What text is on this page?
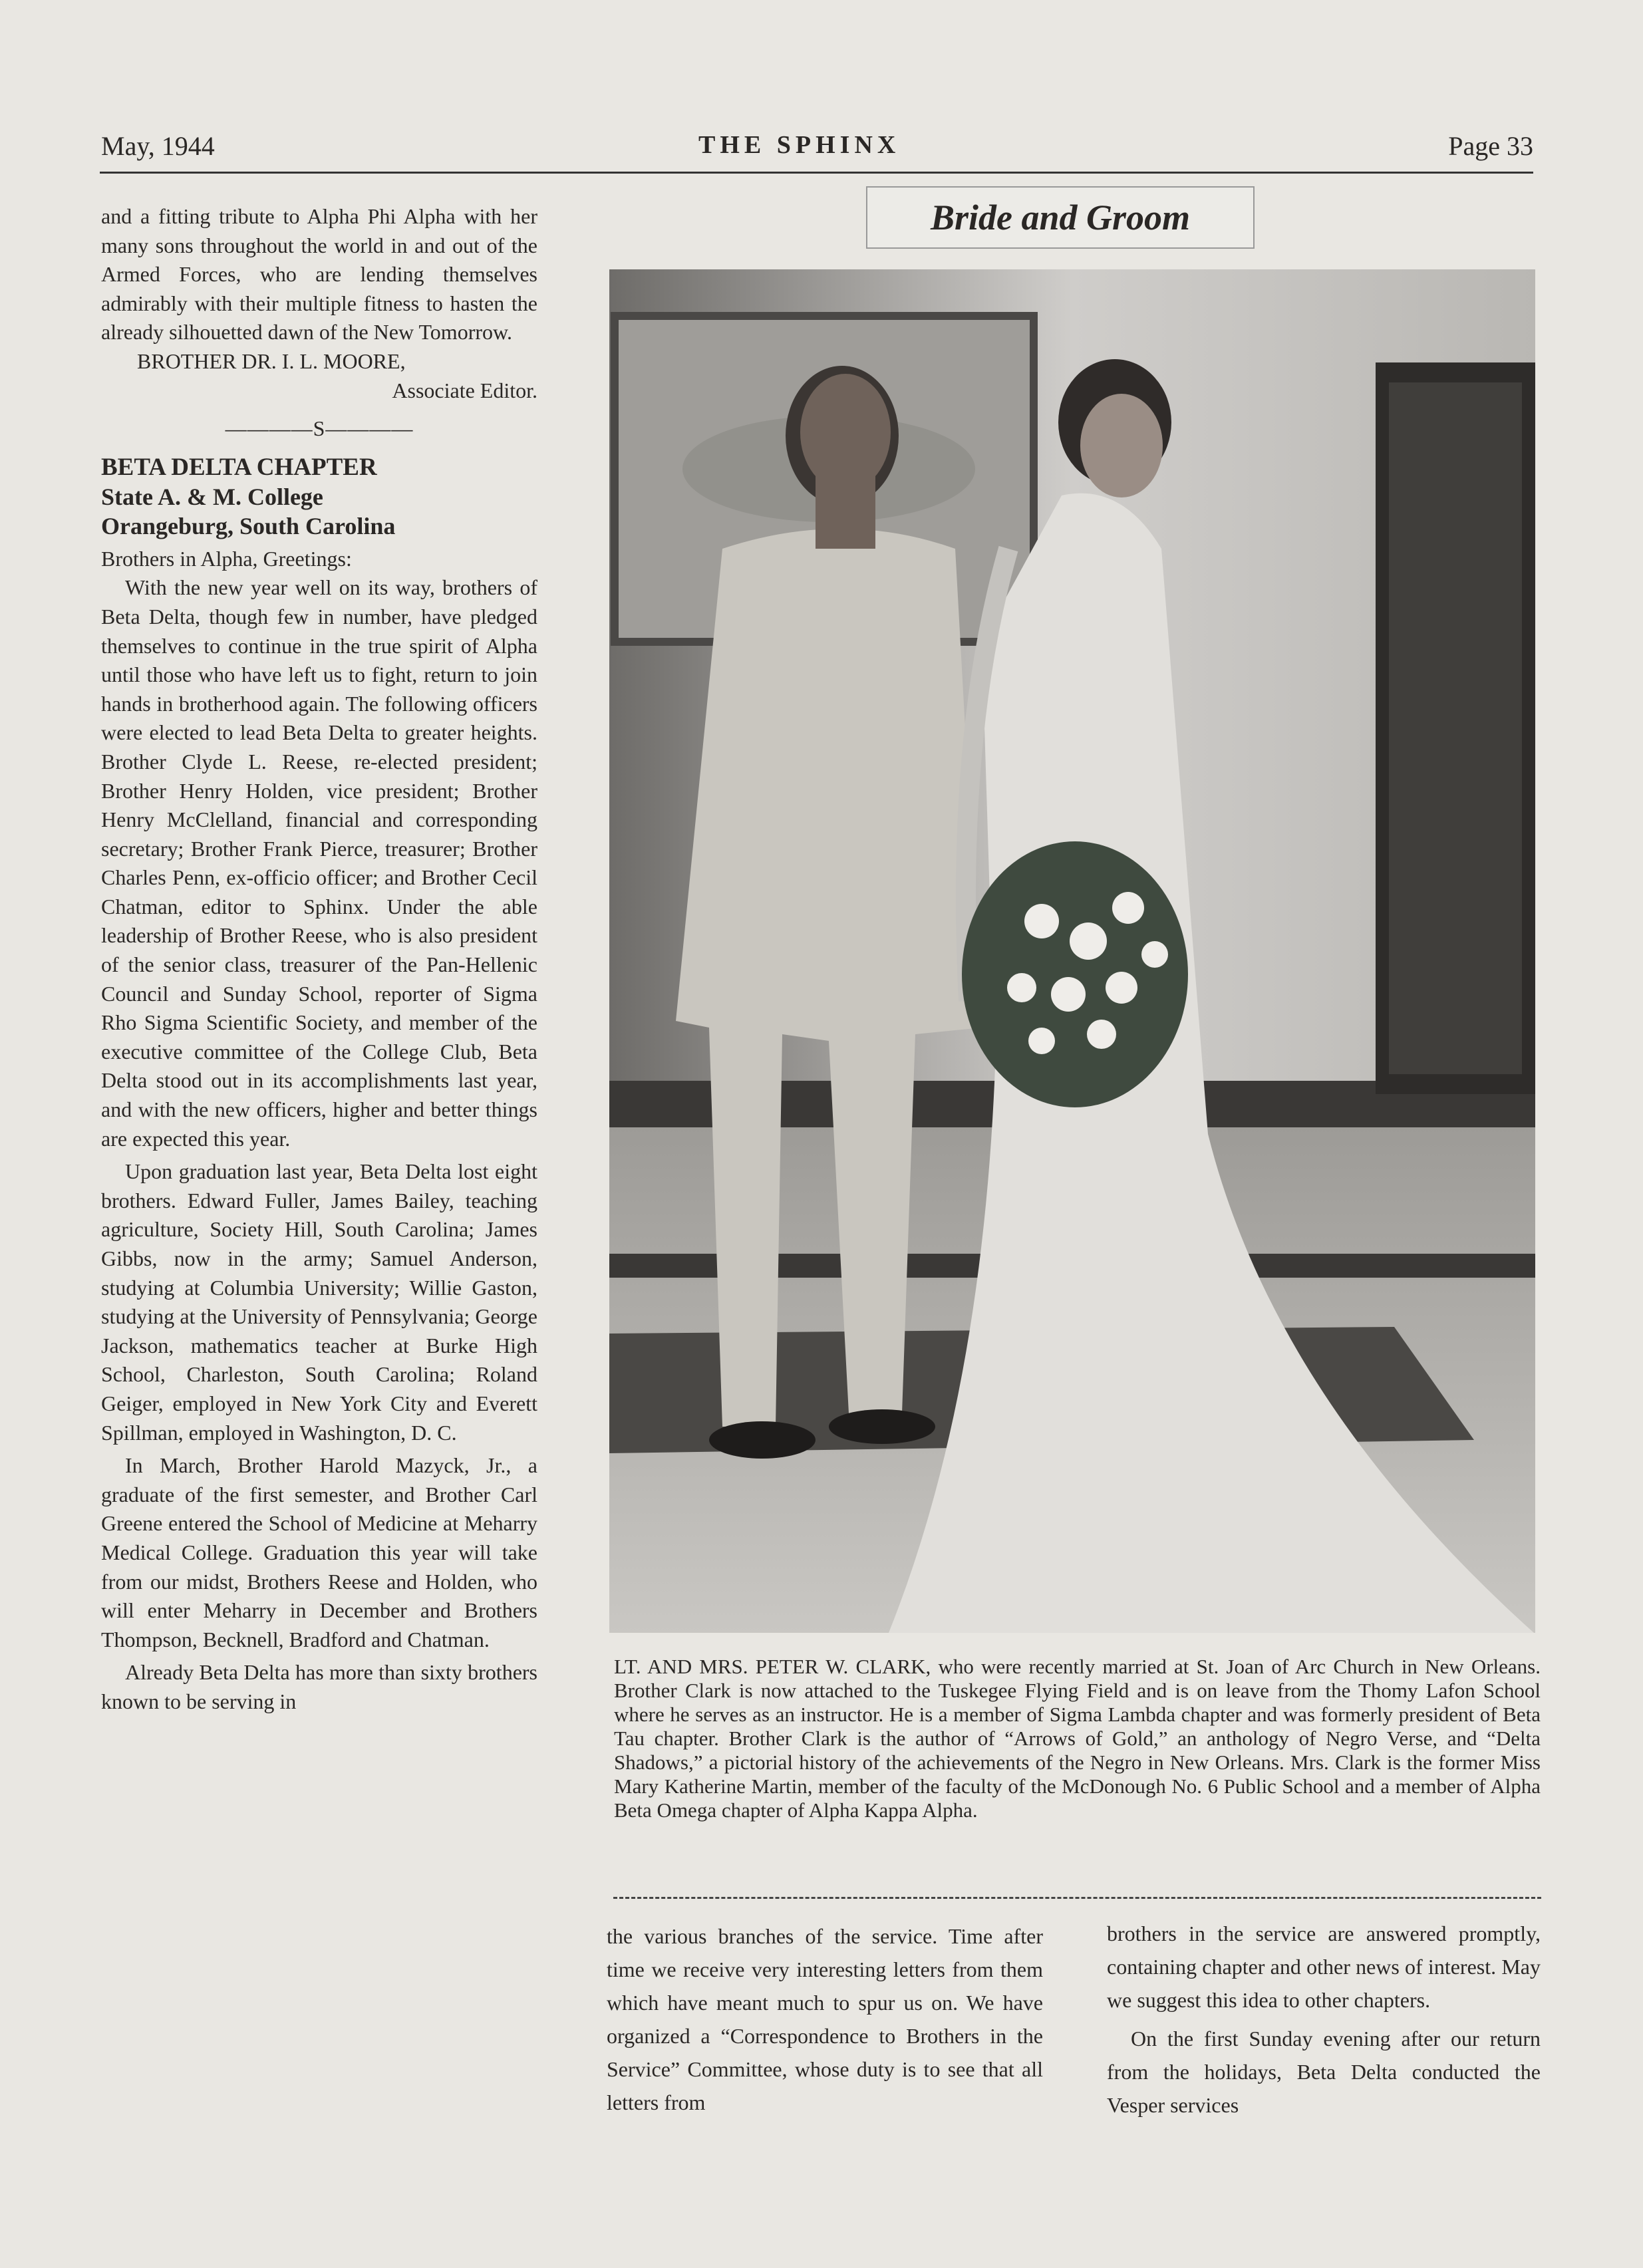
May, 1944	THE SPHINX	Page 33

and a fitting tribute to Alpha Phi Alpha with her many sons throughout the world in and out of the Armed Forces, who are lending themselves admirably with their multiple fitness to hasten the already silhouetted dawn of the New Tomorrow.

BROTHER DR. I. L. MOORE,

Associate Editor.

————S————

BETA DELTA CHAPTER

State A. & M. College

Orangeburg, South Carolina

Brothers in Alpha, Greetings:

With the new year well on its way, brothers of Beta Delta, though few in number, have pledged themselves to continue in the true spirit of Alpha until those who have left us to fight, return to join hands in brotherhood again. The following officers were elected to lead Beta Delta to greater heights. Brother Clyde L. Reese, re-elected president; Brother Henry Holden, vice president; Brother Henry McClelland, financial and corresponding secretary; Brother Frank Pierce, treasurer; Brother Charles Penn, ex-officio officer; and Brother Cecil Chatman, editor to Sphinx. Under the able leadership of Brother Reese, who is also president of the senior class, treasurer of the Pan-Hellenic Council and Sunday School, reporter of Sigma Rho Sigma Scientific Society, and member of the executive committee of the College Club, Beta Delta stood out in its accomplishments last year, and with the new officers, higher and better things are expected this year.

Upon graduation last year, Beta Delta lost eight brothers. Edward Fuller, James Bailey, teaching agriculture, Society Hill, South Carolina; James Gibbs, now in the army; Samuel Anderson, studying at Columbia University; Willie Gaston, studying at the University of Pennsylvania; George Jackson, mathematics teacher at Burke High School, Charleston, South Carolina; Roland Geiger, employed in New York City and Everett Spillman, employed in Washington, D. C.

In March, Brother Harold Mazyck, Jr., a graduate of the first semester, and Brother Carl Greene entered the School of Medicine at Meharry Medical College. Graduation this year will take from our midst, Brothers Reese and Holden, who will enter Meharry in December and Brothers Thompson, Becknell, Bradford and Chatman.

Already Beta Delta has more than sixty brothers known to be serving in

Bride and Groom
LT. AND MRS. PETER W. CLARK, who were recently married at St. Joan of Arc Church in New Orleans. Brother Clark is now attached to the Tuskegee Flying Field and is on leave from the Thomy Lafon School where he serves as an instructor. He is a member of Sigma Lambda chapter and was formerly president of Beta Tau chapter. Brother Clark is the author of “Arrows of Gold,” an anthology of Negro Verse, and “Delta Shadows,” a pictorial history of the achievements of the Negro in New Orleans. Mrs. Clark is the former Miss Mary Katherine Martin, member of the faculty of the McDonough No. 6 Public School and a member of Alpha Beta Omega chapter of Alpha Kappa Alpha.

the various branches of the service. Time after time we receive very interesting letters from them which have meant much to spur us on. We have organized a “Correspondence to Brothers in the Service” Committee, whose duty is to see that all letters from

brothers in the service are answered promptly, containing chapter and other news of interest. May we suggest this idea to other chapters.

On the first Sunday evening after our return from the holidays, Beta Delta conducted the Vesper services
